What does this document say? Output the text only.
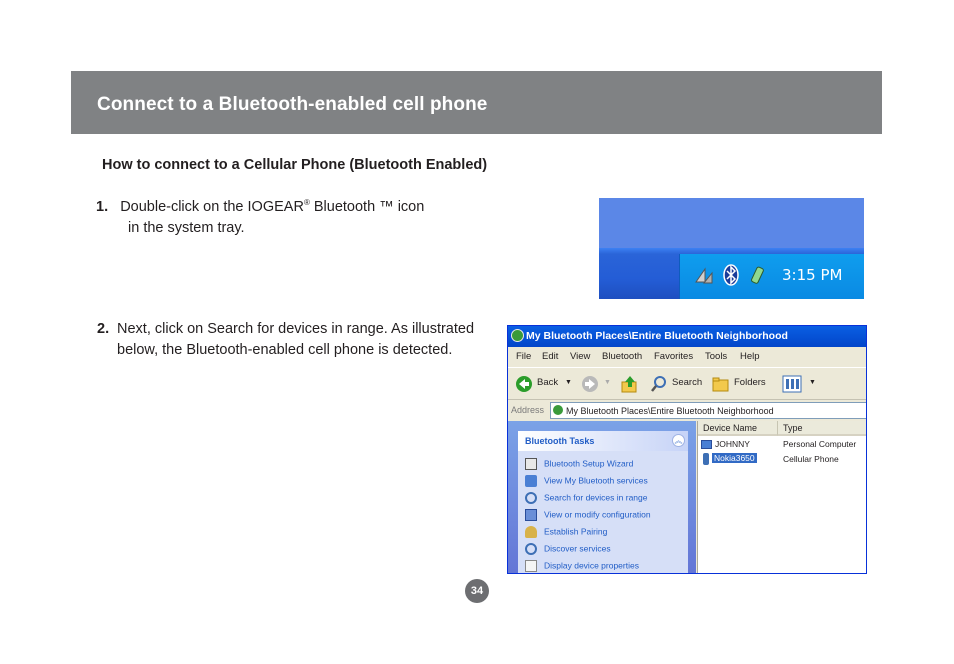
Connect to a Bluetooth-enabled cell phone
How to connect to a Cellular Phone (Bluetooth Enabled)
1. Double-click on the IOGEAR® Bluetooth ™ icon
in the system tray.
2. Next, click on Search for devices in range. As illustrated below, the Bluetooth-enabled cell phone is detected.
3:15 PM
My Bluetooth Places\Entire Bluetooth Neighborhood
File Edit View Bluetooth Favorites Tools Help
Back ▼	▼	Search	Folders	▼
Address My Bluetooth Places\Entire Bluetooth Neighborhood
Bluetooth Tasks	︽
Bluetooth Setup Wizard
View My Bluetooth services
Search for devices in range
View or modify configuration
Establish Pairing
Discover services
Display device properties
Device Name	Type
JOHNNY	Personal Computer
Nokia3650	Cellular Phone
34
